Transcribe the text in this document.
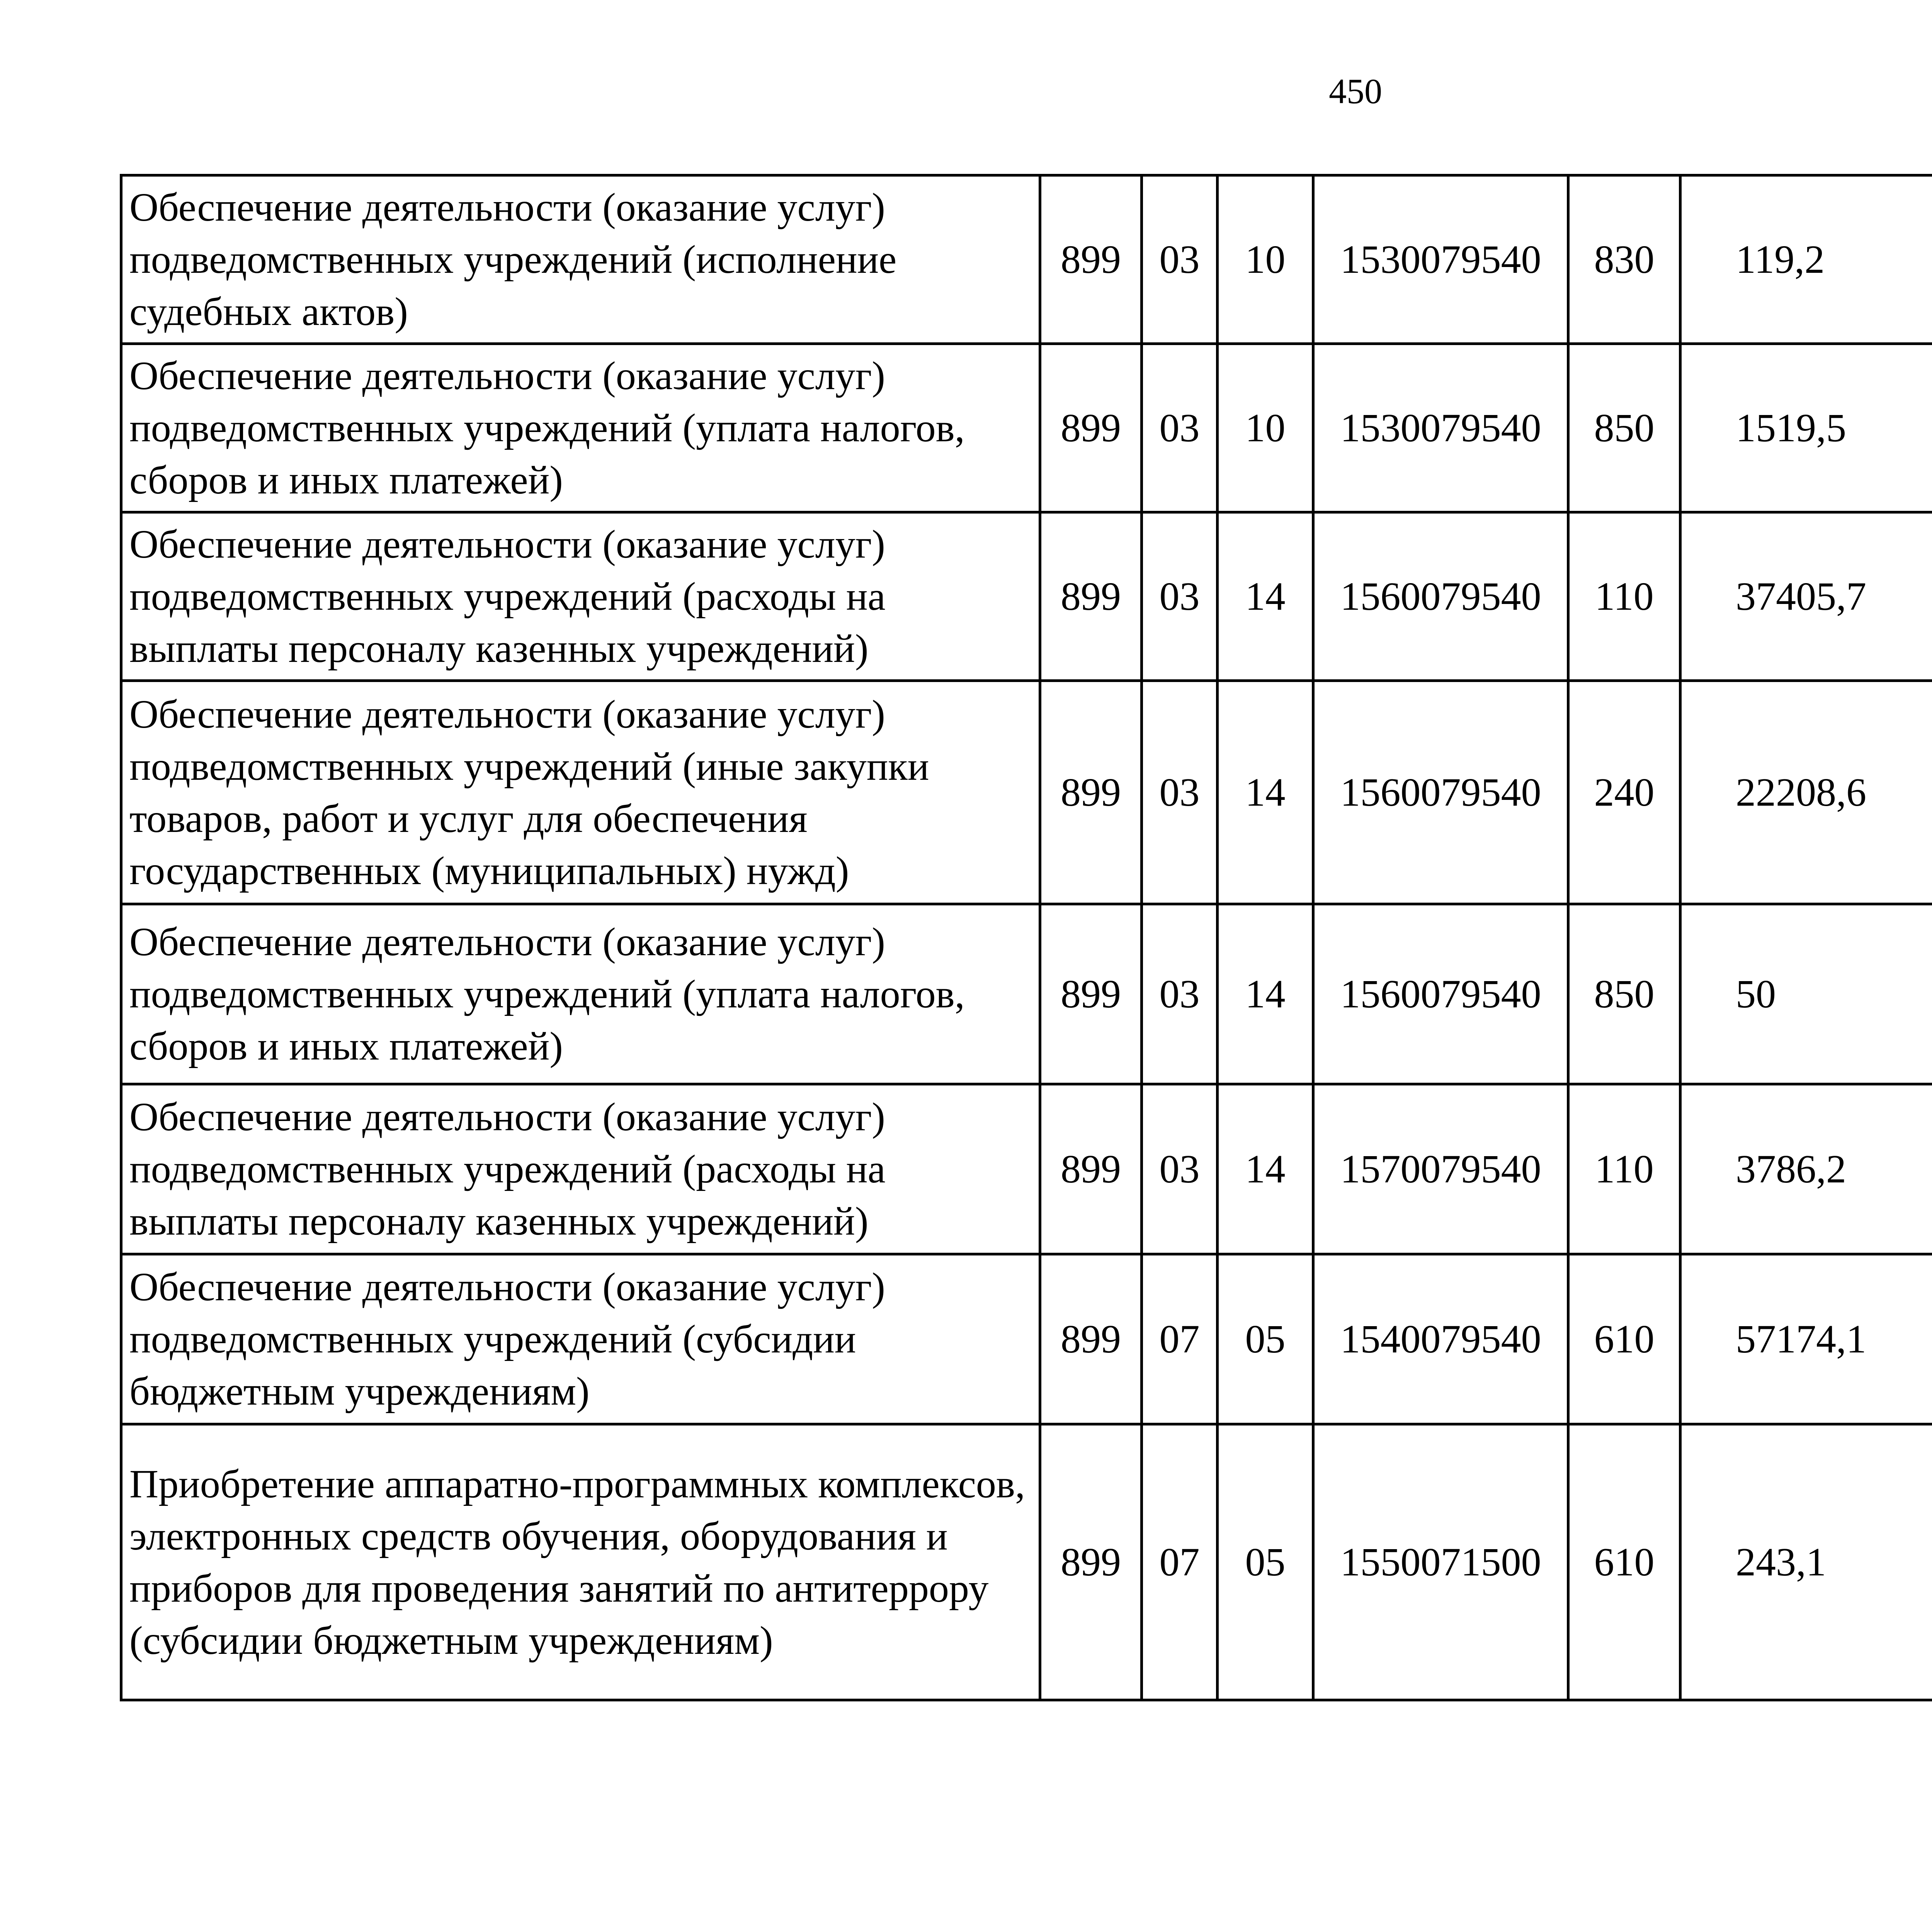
450
Обеспечение деятельности (оказание услуг) подведомственных учреждений (исполнение судебных актов)	899	03	10	1530079540	830	119,2		
Обеспечение деятельности (оказание услуг) подведомственных учреждений (уплата налогов, сборов и иных платежей)	899	03	10	1530079540	850	1519,5		
Обеспечение деятельности (оказание услуг) подведомственных учреждений (расходы на выплаты персоналу казенных учреждений)	899	03	14	1560079540	110	37405,7		
Обеспечение деятельности (оказание услуг) подведомственных учреждений (иные закупки товаров, работ и услуг для обеспечения государственных (муниципальных) нужд)	899	03	14	1560079540	240	22208,6		
Обеспечение деятельности (оказание услуг) подведомственных учреждений (уплата налогов, сборов и иных платежей)	899	03	14	1560079540	850	50		
Обеспечение деятельности (оказание услуг) подведомственных учреждений (расходы на выплаты персоналу казенных учреждений)	899	03	14	1570079540	110	3786,2		
Обеспечение деятельности (оказание услуг) подведомственных учреждений (субсидии бюджетным учреждениям)	899	07	05	1540079540	610	57174,1		
Приобретение аппаратно-программных комплексов, электронных средств обучения, оборудования и приборов для проведения занятий по антитеррору (субсидии бюджетным учреждениям)	899	07	05	1550071500	610	243,1		
